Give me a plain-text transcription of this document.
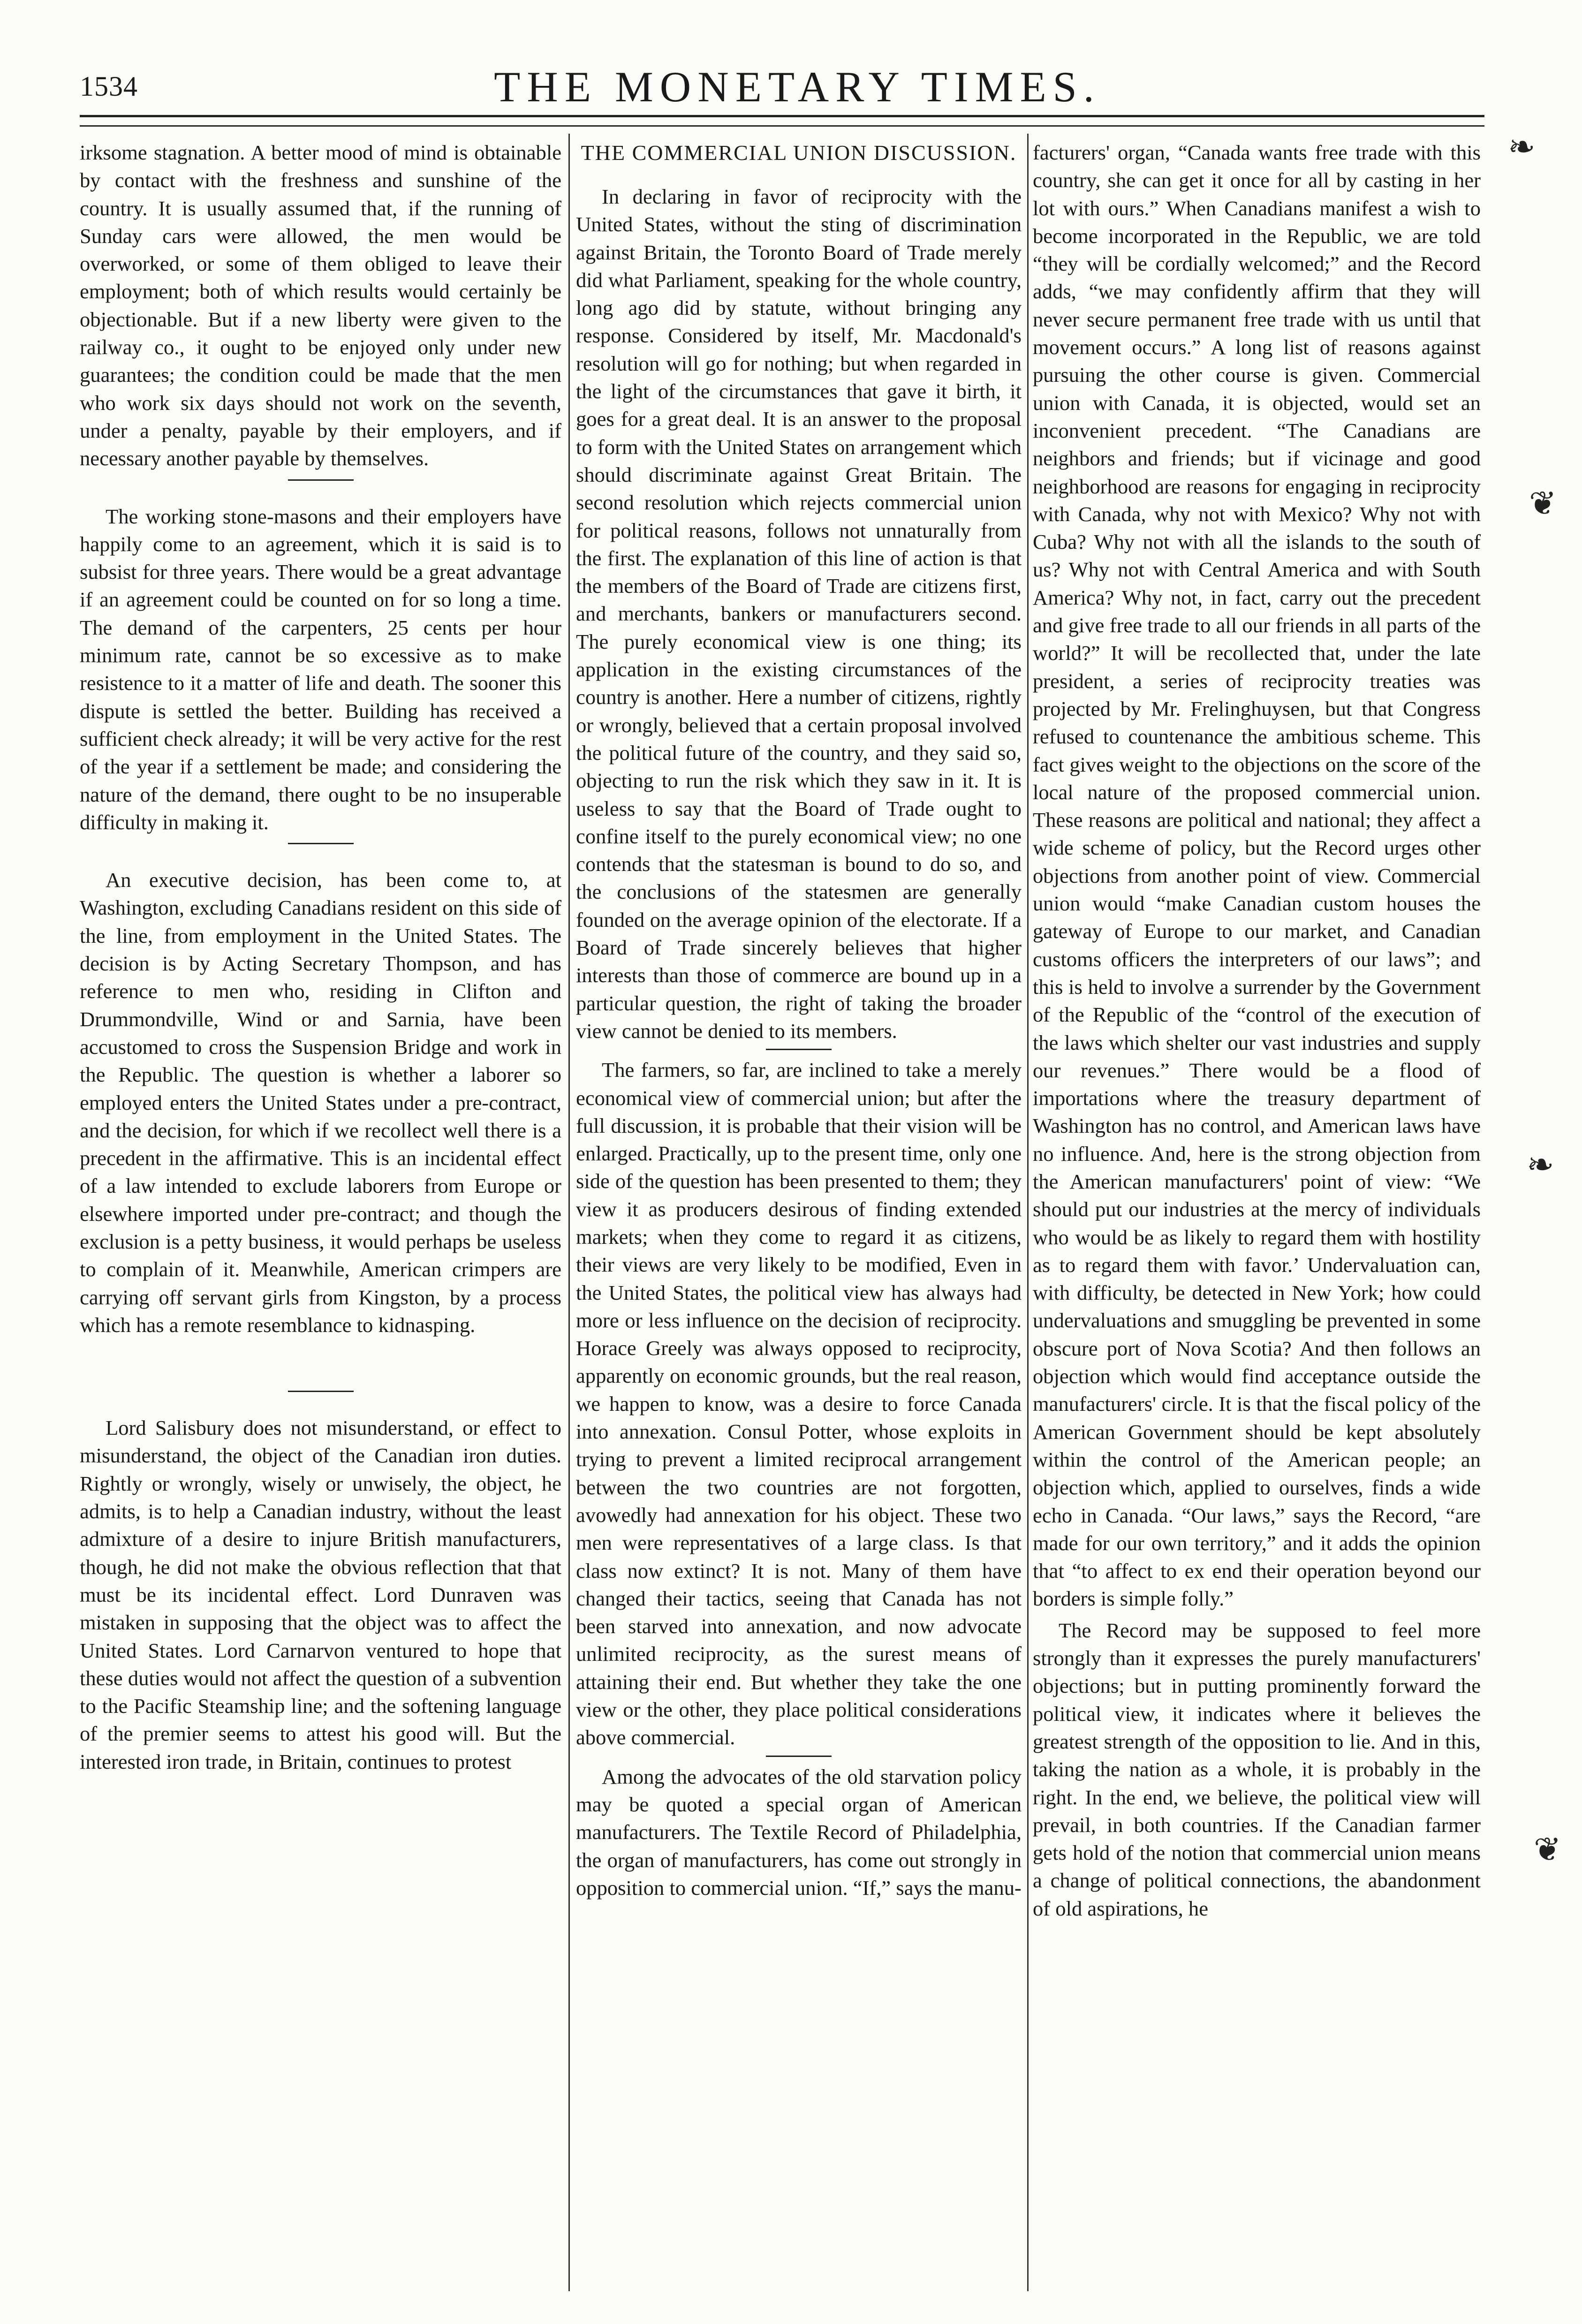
1534	THE MONETARY TIMES.

irksome stagnation. A better mood of mind is obtainable by contact with the freshness and sunshine of the country. It is usually assumed that, if the running of Sunday cars were allowed, the men would be overworked, or some of them obliged to leave their employment; both of which results would certainly be objectionable. But if a new liberty were given to the railway co., it ought to be enjoyed only under new guarantees; the condition could be made that the men who work six days should not work on the seventh, under a penalty, payable by their employers, and if necessary another payable by themselves.

The working stone-masons and their employers have happily come to an agreement, which it is said is to subsist for three years. There would be a great advantage if an agreement could be counted on for so long a time. The demand of the carpenters, 25 cents per hour minimum rate, cannot be so excessive as to make resistence to it a matter of life and death. The sooner this dispute is settled the better. Building has received a sufficient check already; it will be very active for the rest of the year if a settlement be made; and considering the nature of the demand, there ought to be no insuperable difficulty in making it.

An executive decision, has been come to, at Washington, excluding Canadians resident on this side of the line, from employment in the United States. The decision is by Acting Secretary Thompson, and has reference to men who, residing in Clifton and Drummondville, Wind or and Sarnia, have been accustomed to cross the Suspension Bridge and work in the Republic. The question is whether a laborer so employed enters the United States under a pre-contract, and the decision, for which if we recollect well there is a precedent in the affirmative. This is an incidental effect of a law intended to exclude laborers from Europe or elsewhere imported under pre-contract; and though the exclusion is a petty business, it would perhaps be useless to complain of it. Meanwhile, American crimpers are carrying off servant girls from Kingston, by a process which has a remote resemblance to kidnasping.

Lord Salisbury does not misunderstand, or effect to misunderstand, the object of the Canadian iron duties. Rightly or wrongly, wisely or unwisely, the object, he admits, is to help a Canadian industry, without the least admixture of a desire to injure British manufacturers, though, he did not make the obvious reflection that that must be its incidental effect. Lord Dunraven was mistaken in supposing that the object was to affect the United States. Lord Carnarvon ventured to hope that these duties would not affect the question of a subvention to the Pacific Steamship line; and the softening language of the premier seems to attest his good will. But the interested iron trade, in Britain, continues to protest

THE COMMERCIAL UNION DISCUSSION.

In declaring in favor of reciprocity with the United States, without the sting of discrimination against Britain, the Toronto Board of Trade merely did what Parliament, speaking for the whole country, long ago did by statute, without bringing any response. Considered by itself, Mr. Macdonald's resolution will go for nothing; but when regarded in the light of the circumstances that gave it birth, it goes for a great deal. It is an answer to the proposal to form with the United States on arrangement which should discriminate against Great Britain. The second resolution which rejects commercial union for political reasons, follows not unnaturally from the first. The explanation of this line of action is that the members of the Board of Trade are citizens first, and merchants, bankers or manufacturers second. The purely economical view is one thing; its application in the existing circumstances of the country is another. Here a number of citizens, rightly or wrongly, believed that a certain proposal involved the political future of the country, and they said so, objecting to run the risk which they saw in it. It is useless to say that the Board of Trade ought to confine itself to the purely economical view; no one contends that the statesman is bound to do so, and the conclusions of the statesmen are generally founded on the average opinion of the electorate. If a Board of Trade sincerely believes that higher interests than those of commerce are bound up in a particular question, the right of taking the broader view cannot be denied to its members.

The farmers, so far, are inclined to take a merely economical view of commercial union; but after the full discussion, it is probable that their vision will be enlarged. Practically, up to the present time, only one side of the question has been presented to them; they view it as producers desirous of finding extended markets; when they come to regard it as citizens, their views are very likely to be modified, Even in the United States, the political view has always had more or less influence on the decision of reciprocity. Horace Greely was always opposed to reciprocity, apparently on economic grounds, but the real reason, we happen to know, was a desire to force Canada into annexation. Consul Potter, whose exploits in trying to prevent a limited reciprocal arrangement between the two countries are not forgotten, avowedly had annexation for his object. These two men were representatives of a large class. Is that class now extinct? It is not. Many of them have changed their tactics, seeing that Canada has not been starved into annexation, and now advocate unlimited reciprocity, as the surest means of attaining their end. But whether they take the one view or the other, they place political considerations above commercial.

Among the advocates of the old starvation policy may be quoted a special organ of American manufacturers. The Textile Record of Philadelphia, the organ of manufacturers, has come out strongly in opposition to commercial union. “If,” says the manu-

facturers' organ, “Canada wants free trade with this country, she can get it once for all by casting in her lot with ours.” When Canadians manifest a wish to become incorporated in the Republic, we are told “they will be cordially welcomed;” and the Record adds, “we may confidently affirm that they will never secure permanent free trade with us until that movement occurs.” A long list of reasons against pursuing the other course is given. Commercial union with Canada, it is objected, would set an inconvenient precedent. “The Canadians are neighbors and friends; but if vicinage and good neighborhood are reasons for engaging in reciprocity with Canada, why not with Mexico? Why not with Cuba? Why not with all the islands to the south of us? Why not with Central America and with South America? Why not, in fact, carry out the precedent and give free trade to all our friends in all parts of the world?” It will be recollected that, under the late president, a series of reciprocity treaties was projected by Mr. Frelinghuysen, but that Congress refused to countenance the ambitious scheme. This fact gives weight to the objections on the score of the local nature of the proposed commercial union. These reasons are political and national; they affect a wide scheme of policy, but the Record urges other objections from another point of view. Commercial union would “make Canadian custom houses the gateway of Europe to our market, and Canadian customs officers the interpreters of our laws”; and this is held to involve a surrender by the Government of the Republic of the “control of the execution of the laws which shelter our vast industries and supply our revenues.” There would be a flood of importations where the treasury department of Washington has no control, and American laws have no influence. And, here is the strong objection from the American manufacturers' point of view: “We should put our industries at the mercy of individuals who would be as likely to regard them with hostility as to regard them with favor.’ Undervaluation can, with difficulty, be detected in New York; how could undervaluations and smuggling be prevented in some obscure port of Nova Scotia? And then follows an objection which would find acceptance outside the manufacturers' circle. It is that the fiscal policy of the American Government should be kept absolutely within the control of the American people; an objection which, applied to ourselves, finds a wide echo in Canada. “Our laws,” says the Record, “are made for our own territory,” and it adds the opinion that “to affect to ex end their operation beyond our borders is simple folly.”

The Record may be supposed to feel more strongly than it expresses the purely manufacturers' objections; but in putting prominently forward the political view, it indicates where it believes the greatest strength of the opposition to lie. And in this, taking the nation as a whole, it is probably in the right. In the end, we believe, the political view will prevail, in both countries. If the Canadian farmer gets hold of the notion that commercial union means a change of political connections, the abandonment of old aspirations, he

❧
❦
❧
❦
